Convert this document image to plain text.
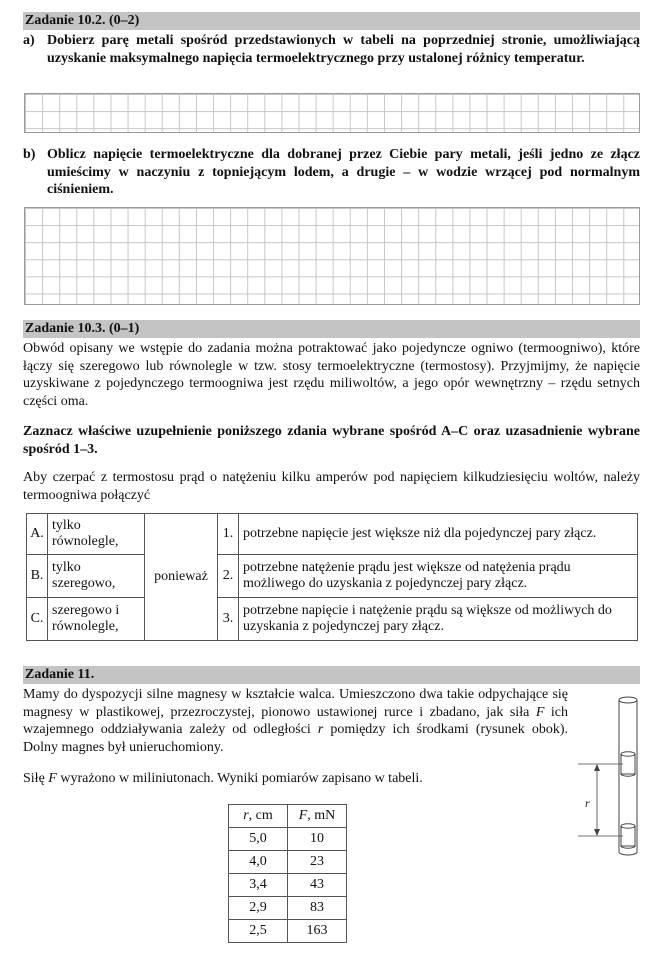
Zadanie 10.2. (0–2)
a) Dobierz parę metali spośród przedstawionych w tabeli na poprzedniej stronie, umożliwiającą uzyskanie maksymalnego napięcia termoelektrycznego przy ustalonej różnicy temperatur.
b) Oblicz napięcie termoelektryczne dla dobranej przez Ciebie pary metali, jeśli jedno ze złącz umieścimy w naczyniu z topniejącym lodem, a drugie – w wodzie wrzącej pod normalnym ciśnieniem.
Zadanie 10.3. (0–1)

Obwód opisany we wstępie do zadania można potraktować jako pojedyncze ogniwo (termoogniwo), które łączy się szeregowo lub równolegle w tzw. stosy termoelektryczne (termostosy). Przyjmijmy, że napięcie uzyskiwane z pojedynczego termoogniwa jest rzędu miliwoltów, a jego opór wewnętrzny – rzędu setnych części oma.

Zaznacz właściwe uzupełnienie poniższego zdania wybrane spośród A–C oraz uzasadnienie wybrane spośród 1–3.

Aby czerpać z termostosu prąd o natężeniu kilku amperów pod napięciem kilkudziesięciu woltów, należy termoogniwa połączyć

A.	tylko równolegle,	ponieważ	1.	potrzebne napięcie jest większe niż dla pojedynczej pary złącz.
B.	tylko szeregowo,		2.	potrzebne natężenie prądu jest większe od natężenia prądu możliwego do uzyskania z pojedynczej pary złącz.
C.	szeregowo i równolegle,		3.	potrzebne napięcie i natężenie prądu są większe od możliwych do uzyskania z pojedynczej pary złącz.
Zadanie 11.

Mamy do dyspozycji silne magnesy w kształcie walca. Umieszczono dwa takie odpychające się magnesy w plastikowej, przezroczystej, pionowo ustawionej rurce i zbadano, jak siła F ich wzajemnego oddziaływania zależy od odległości r pomiędzy ich środkami (rysunek obok). Dolny magnes był unieruchomiony.

Siłę F wyrażono w miliniutonach. Wyniki pomiarów zapisano w tabeli.

r, cm	F, mN
5,0	10
4,0	23
3,4	43
2,9	83
2,5	163
r
